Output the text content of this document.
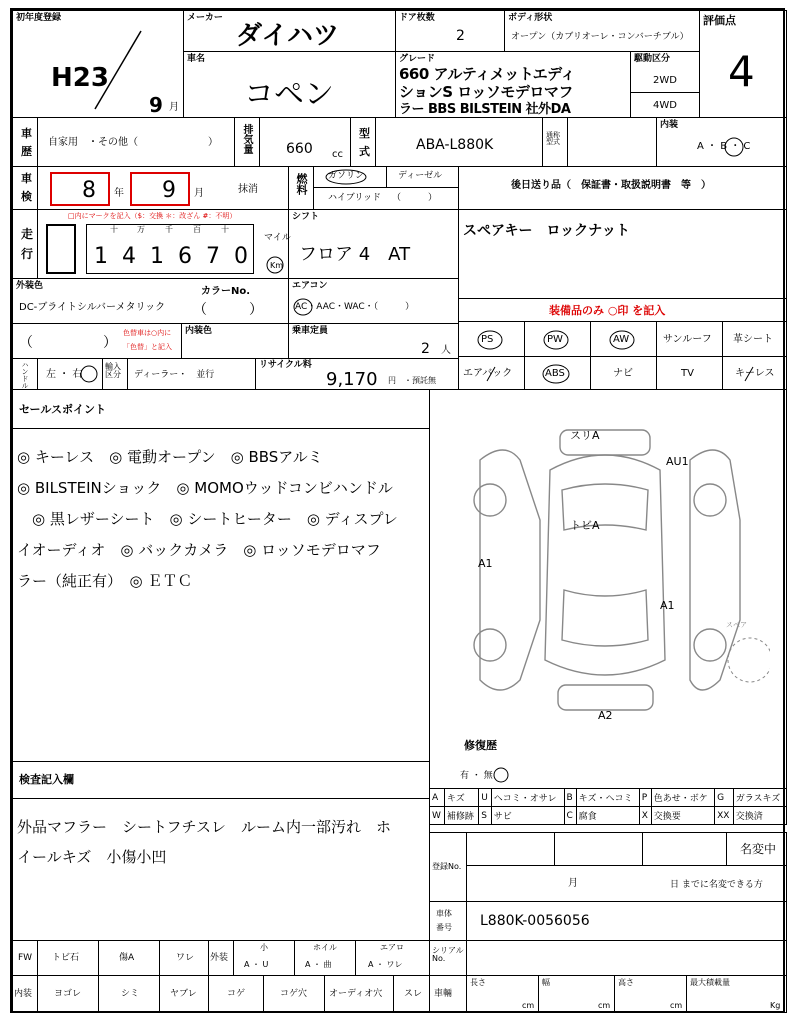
初年度登録
H23
9 月
メーカー
ダイハツ
ドア枚数
2
ボディ形状
オープン（カブリオーレ・コンバーチブル）
評価点
4
車名
コペン
グレード
660 アルティメットエディ
ションS ロッソモデロマフ
ラー BBS BILSTEIN 社外DA
駆動区分
2WD
4WD
車
歴
自家用　・その他（　　　　　　　） 排気量 660 cc
型
式	ABA-L880K
通称型式
内装
A ・ B ・ C
車
検 8 年 9 月	抹消	燃料 ガソリン	ディーゼル
ハイブリッド （　　　）
後日送り品（　保証書・取扱説明書　等　）
走
行
□内にマークを記入（$：交換 ＊：改ざん #：不明）
十 万	千	百	十
1 4 1 6 7 0
マイル
Km
シフト
フロア 4　AT
スペアキー　ロックナット
外装色
DC-ブライトシルバーメタリック
カラーNo.
（　　　）
エアコン
AC・AAC・WAC・（　　　）	装備品のみ ○印 を記入
（　　　　　）
色替車は○内に
「色替」と記入
内装色	乗車定員
2 人
PS	PW	AW	サンルーフ 革シート
エアバック	ABS	ナビ	TV	キーレス
ハンドル 左 ・ 右
輸入区分	ディーラー・　並行
リサイクル料
9,170 円 ・預託無
セールスポイント
◎ キーレス　◎ 電動オープン　◎ BBSアルミ
◎ BILSTEINショック　◎ MOMOウッドコンビハンドル
　◎ 黒レザーシート　◎ シートヒーター　◎ ディスプレ
イオーディオ　◎ バックカメラ　◎ ロッソモデロマフ
ラー（純正有）　◎ ＥＴＣ
スリA
トビA
AU1
A1
A1
A2
スペア
修復歴
有 ・ 無
検査記入欄
外品マフラー　シートフチスレ　ルーム内一部汚れ　ホ
イールキズ　小傷小凹
A	キズ	U	ヘコミ・オサレ	B	キズ・ヘコミ	P	色あせ・ボケ	G	ガラスキズ
W	補修跡	S	サビ	C	腐食	X	交換要	XX	交換済
登録No.
名変中
月	日 までに名変できる方
車体
番号 L880K-0056056
FW トビ石	傷A	ワレ 外装
小
A ・ U
ホイル
A ・ 曲
エアロ
A ・ ワレ
シリアルNo.
内装 ヨゴレ	シミ	ヤブレ	コゲ	コゲ穴 オーディオ穴 スレ 車輛
長さ
cm
幅
cm
高さ
cm
最大積載量
Kg
